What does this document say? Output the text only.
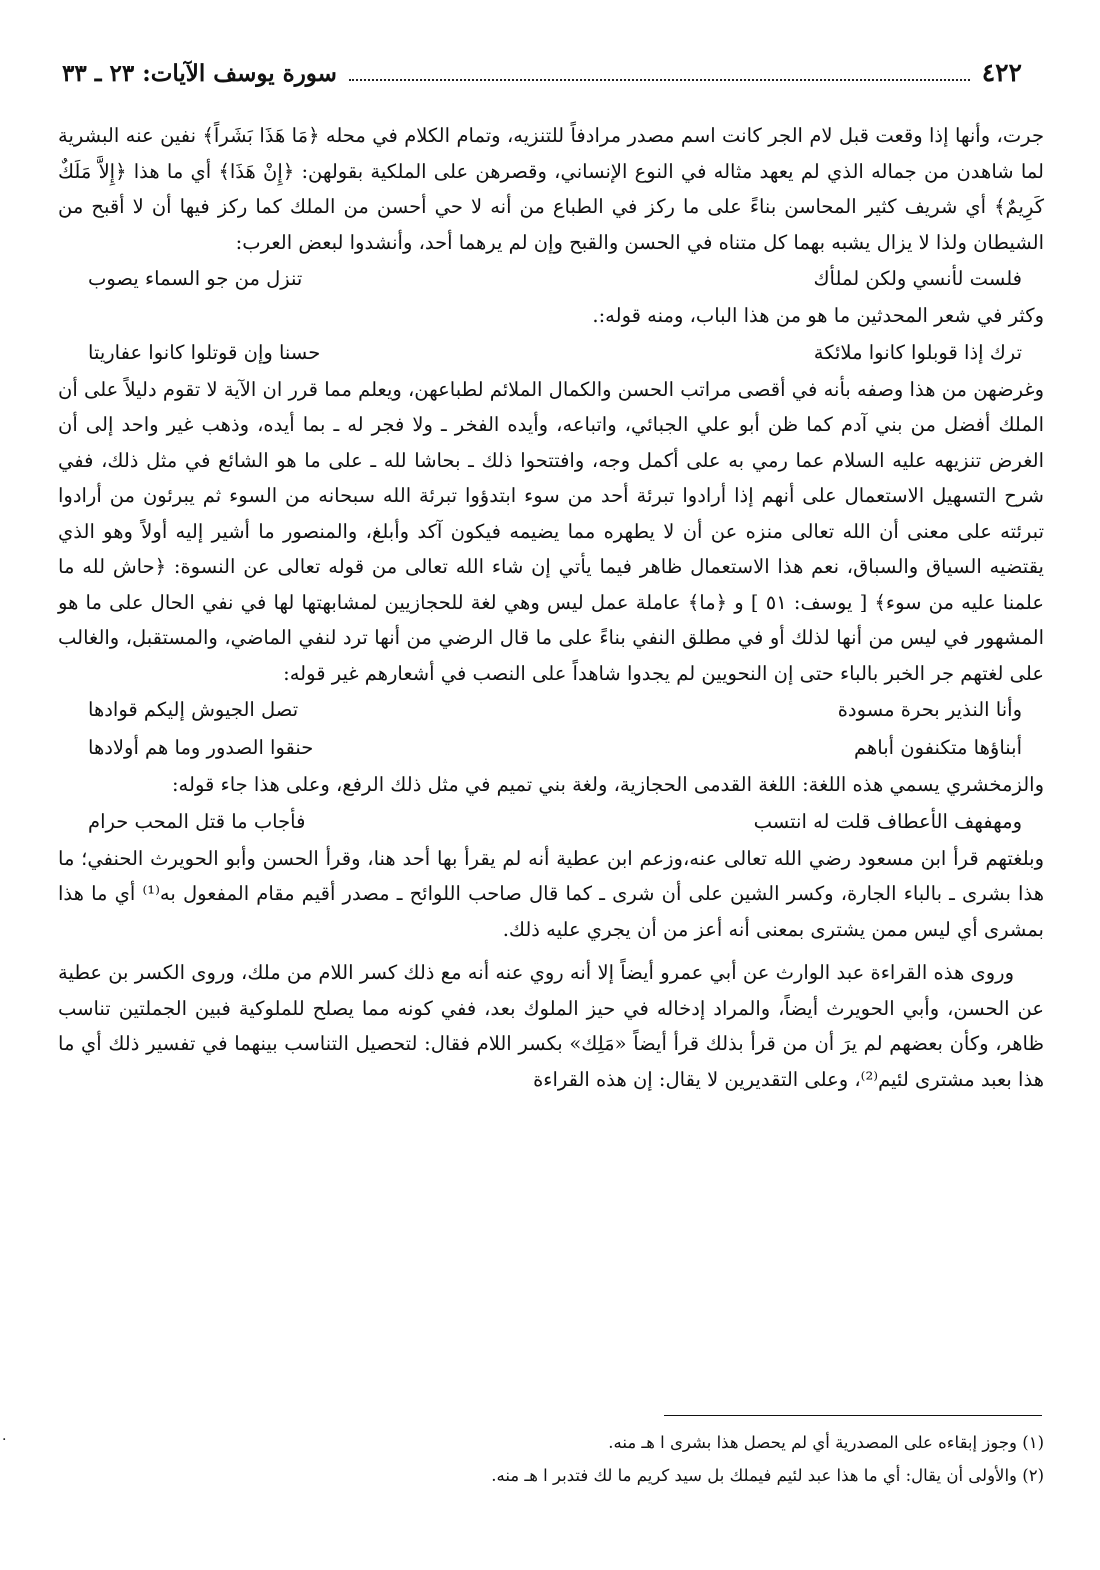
٤٢٢
سورة يوسف الآيات: ٢٣ ـ ٣٣

جرت، وأنها إذا وقعت قبل لام الجر كانت اسم مصدر مرادفاً للتنزيه، وتمام الكلام في محله ﴿مَا هَذَا بَشَراً﴾ نفين عنه البشرية لما شاهدن من جماله الذي لم يعهد مثاله في النوع الإنساني، وقصرهن على الملكية بقولهن: ﴿إِنْ هَذَا﴾ أي ما هذا ﴿إِلاَّ مَلَكٌ كَرِيمٌ﴾ أي شريف كثير المحاسن بناءً على ما ركز في الطباع من أنه لا حي أحسن من الملك كما ركز فيها أن لا أقبح من الشيطان ولذا لا يزال يشبه بهما كل متناه في الحسن والقبح وإن لم يرهما أحد، وأنشدوا لبعض العرب:

فلست لأنسي ولكن لملأك
تنزل من جو السماء يصوب

وكثر في شعر المحدثين ما هو من هذا الباب، ومنه قوله:.

ترك إذا قوبلوا كانوا ملائكة
حسنا وإن قوتلوا كانوا عفاريتا

وغرضهن من هذا وصفه بأنه في أقصى مراتب الحسن والكمال الملائم لطباعهن، ويعلم مما قرر ان الآية لا تقوم دليلاً على أن الملك أفضل من بني آدم كما ظن أبو علي الجبائي، واتباعه، وأيده الفخر ـ ولا فجر له ـ بما أيده، وذهب غير واحد إلى أن الغرض تنزيهه عليه السلام عما رمي به على أكمل وجه، وافتتحوا ذلك ـ بحاشا لله ـ على ما هو الشائع في مثل ذلك، ففي شرح التسهيل الاستعمال على أنهم إذا أرادوا تبرئة أحد من سوء ابتدؤوا تبرئة الله سبحانه من السوء ثم يبرئون من أرادوا تبرئته على معنى أن الله تعالى منزه عن أن لا يطهره مما يضيمه فيكون آكد وأبلغ، والمنصور ما أشير إليه أولاً وهو الذي يقتضيه السياق والسباق، نعم هذا الاستعمال ظاهر فيما يأتي إن شاء الله تعالى من قوله تعالى عن النسوة: ﴿حاش لله ما علمنا عليه من سوء﴾ [ يوسف: ٥١ ] و ﴿ما﴾ عاملة عمل ليس وهي لغة للحجازيين لمشابهتها لها في نفي الحال على ما هو المشهور في ليس من أنها لذلك أو في مطلق النفي بناءً على ما قال الرضي من أنها ترد لنفي الماضي، والمستقبل، والغالب على لغتهم جر الخبر بالباء حتى إن النحويين لم يجدوا شاهداً على النصب في أشعارهم غير قوله:

وأنا النذير بحرة مسودة
تصل الجيوش إليكم قوادها
أبناؤها متكنفون أباهم
حنقوا الصدور وما هم أولادها

والزمخشري يسمي هذه اللغة: اللغة القدمى الحجازية، ولغة بني تميم في مثل ذلك الرفع، وعلى هذا جاء قوله:

ومهفهف الأعطاف قلت له انتسب
فأجاب ما قتل المحب حرام

وبلغتهم قرأ ابن مسعود رضي الله تعالى عنه،وزعم ابن عطية أنه لم يقرأ بها أحد هنا، وقرأ الحسن وأبو الحويرث الحنفي؛ ما هذا بشرى ـ بالباء الجارة، وكسر الشين على أن شرى ـ كما قال صاحب اللوائح ـ مصدر أقيم مقام المفعول به⁽¹⁾ أي ما هذا بمشرى أي ليس ممن يشترى بمعنى أنه أعز من أن يجري عليه ذلك.

وروى هذه القراءة عبد الوارث عن أبي عمرو أيضاً إلا أنه روي عنه أنه مع ذلك كسر اللام من ملك، وروى الكسر بن عطية عن الحسن، وأبي الحويرث أيضاً، والمراد إدخاله في حيز الملوك بعد، ففي كونه مما يصلح للملوكية فبين الجملتين تناسب ظاهر، وكأن بعضهم لم يرَ أن من قرأ بذلك قرأ أيضاً «مَلِك» بكسر اللام فقال: لتحصيل التناسب بينهما في تفسير ذلك أي ما هذا بعبد مشترى لئيم⁽²⁾، وعلى التقديرين لا يقال: إن هذه القراءة

(١) وجوز إبقاءه على المصدرية أي لم يحصل هذا بشرى ا هـ منه.

(٢) والأولى أن يقال: أي ما هذا عبد لئيم فيملك بل سيد كريم ما لك فتدبر ا هـ منه.

·
